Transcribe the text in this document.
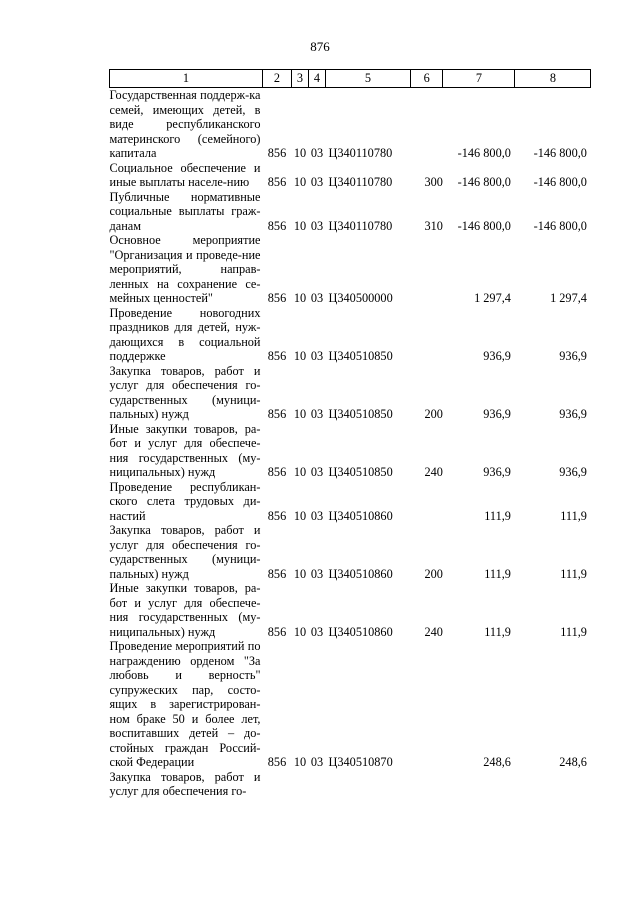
876
1	2	3	4	5	6	7	8
Государственная поддерж-ка семей, имеющих детей, в виде республиканского материнского (семейного) капитала	856	10	03	Ц340110780		-146 800,0	-146 800,0
Социальное обеспечение и иные выплаты населе-нию	856	10	03	Ц340110780	300	-146 800,0	-146 800,0
Публичные нормативные социальные выплаты граж-данам	856	10	03	Ц340110780	310	-146 800,0	-146 800,0
Основное мероприятие "Организация и проведе-ние мероприятий, направ-ленных на сохранение се-мейных ценностей"	856	10	03	Ц340500000		1 297,4	1 297,4
Проведение новогодних праздников для детей, нуж-дающихся в социальной поддержке	856	10	03	Ц340510850		936,9	936,9
Закупка товаров, работ и услуг для обеспечения го-сударственных (муници-пальных) нужд	856	10	03	Ц340510850	200	936,9	936,9
Иные закупки товаров, ра-бот и услуг для обеспече-ния государственных (му-ниципальных) нужд	856	10	03	Ц340510850	240	936,9	936,9
Проведение республикан-ского слета трудовых ди-настий	856	10	03	Ц340510860		111,9	111,9
Закупка товаров, работ и услуг для обеспечения го-сударственных (муници-пальных) нужд	856	10	03	Ц340510860	200	111,9	111,9
Иные закупки товаров, ра-бот и услуг для обеспече-ния государственных (му-ниципальных) нужд	856	10	03	Ц340510860	240	111,9	111,9
Проведение мероприятий по награждению орденом "За любовь и верность" супружеских пар, состо-ящих в зарегистрирован-ном браке 50 и более лет, воспитавших детей – до-стойных граждан Россий-ской Федерации	856	10	03	Ц340510870		248,6	248,6
Закупка товаров, работ и услуг для обеспечения го-							
